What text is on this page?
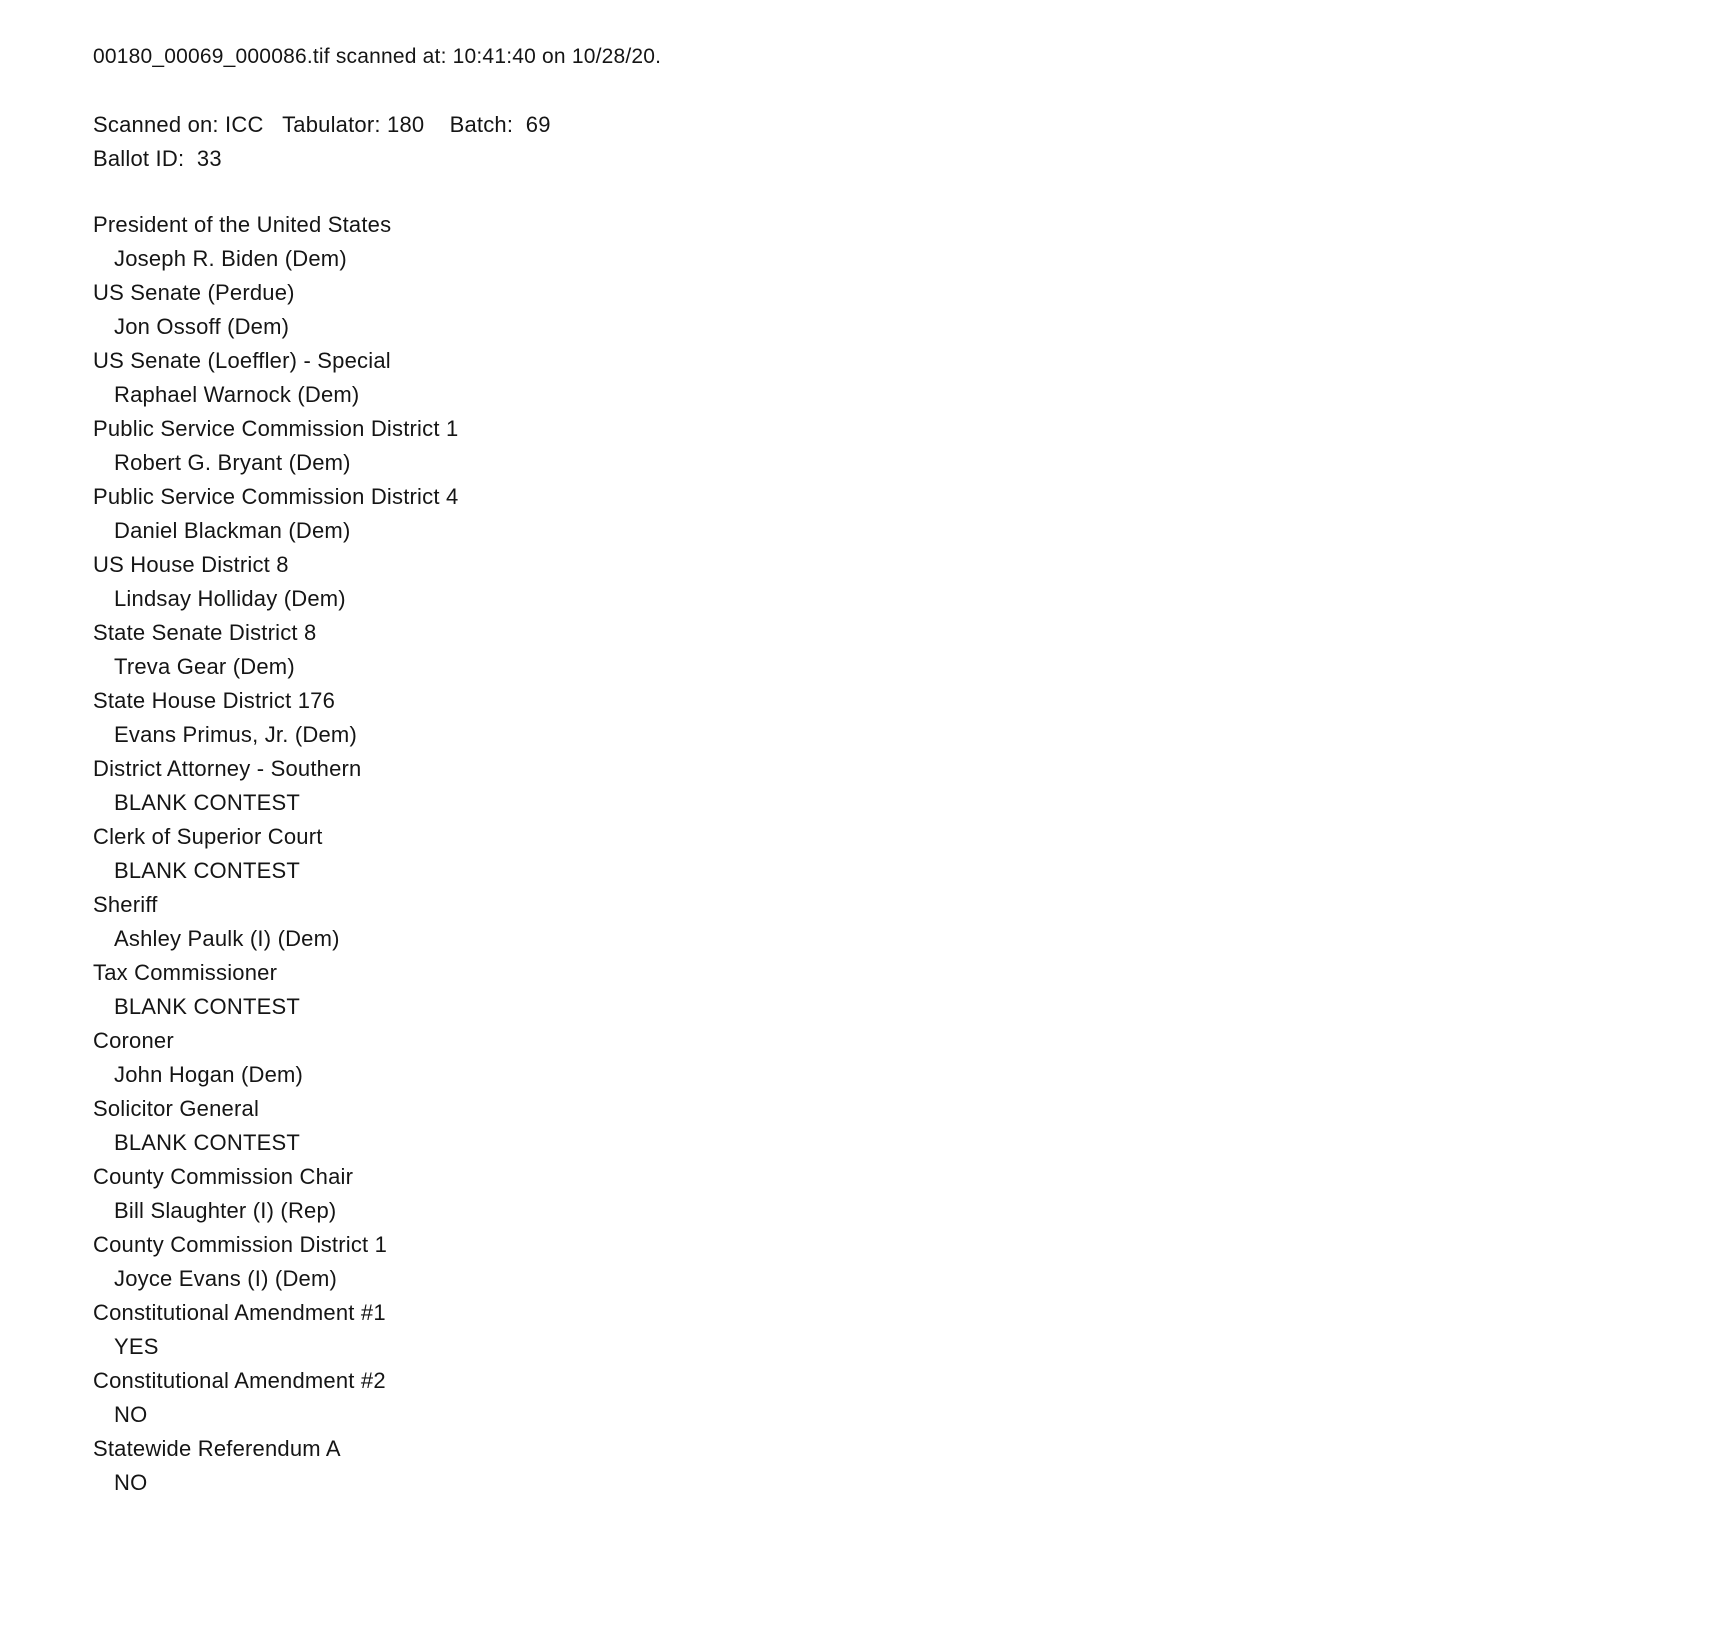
00180_00069_000086.tif scanned at: 10:41:40 on 10/28/20.
Scanned on: ICC   Tabulator: 180    Batch:  69
Ballot ID:  33
President of the United States
Joseph R. Biden (Dem)
US Senate (Perdue)
Jon Ossoff (Dem)
US Senate (Loeffler) - Special
Raphael Warnock (Dem)
Public Service Commission District 1
Robert G. Bryant (Dem)
Public Service Commission District 4
Daniel Blackman (Dem)
US House District 8
Lindsay Holliday (Dem)
State Senate District 8
Treva Gear (Dem)
State House District 176
Evans Primus, Jr. (Dem)
District Attorney - Southern
BLANK CONTEST
Clerk of Superior Court
BLANK CONTEST
Sheriff
Ashley Paulk (I) (Dem)
Tax Commissioner
BLANK CONTEST
Coroner
John Hogan (Dem)
Solicitor General
BLANK CONTEST
County Commission Chair
Bill Slaughter (I) (Rep)
County Commission District 1
Joyce Evans (I) (Dem)
Constitutional Amendment #1
YES
Constitutional Amendment #2
NO
Statewide Referendum A
NO
